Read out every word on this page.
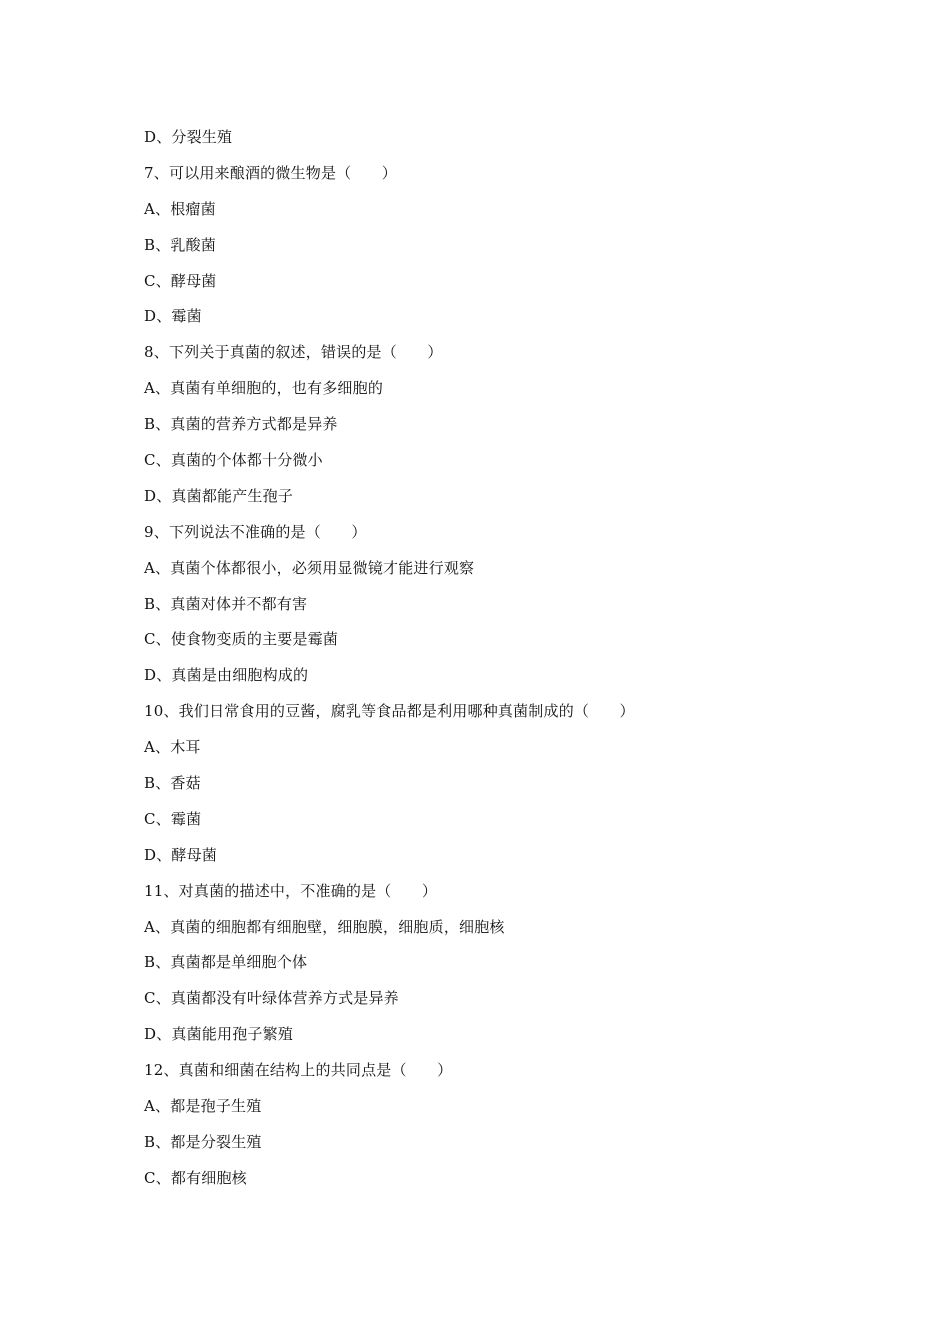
D、分裂生殖
7、可以用来酿酒的微生物是（　　）
A、根瘤菌
B、乳酸菌
C、酵母菌
D、霉菌
8、下列关于真菌的叙述，错误的是（　　）
A、真菌有单细胞的，也有多细胞的
B、真菌的营养方式都是异养
C、真菌的个体都十分微小
D、真菌都能产生孢子
9、下列说法不准确的是（　　）
A、真菌个体都很小，必须用显微镜才能进行观察
B、真菌对体并不都有害
C、使食物变质的主要是霉菌
D、真菌是由细胞构成的
10、我们日常食用的豆酱，腐乳等食品都是利用哪种真菌制成的（　　）
A、木耳
B、香菇
C、霉菌
D、酵母菌
11、对真菌的描述中，不准确的是（　　）
A、真菌的细胞都有细胞壁，细胞膜，细胞质，细胞核
B、真菌都是单细胞个体
C、真菌都没有叶绿体营养方式是异养
D、真菌能用孢子繁殖
12、真菌和细菌在结构上的共同点是（　　）
A、都是孢子生殖
B、都是分裂生殖
C、都有细胞核
